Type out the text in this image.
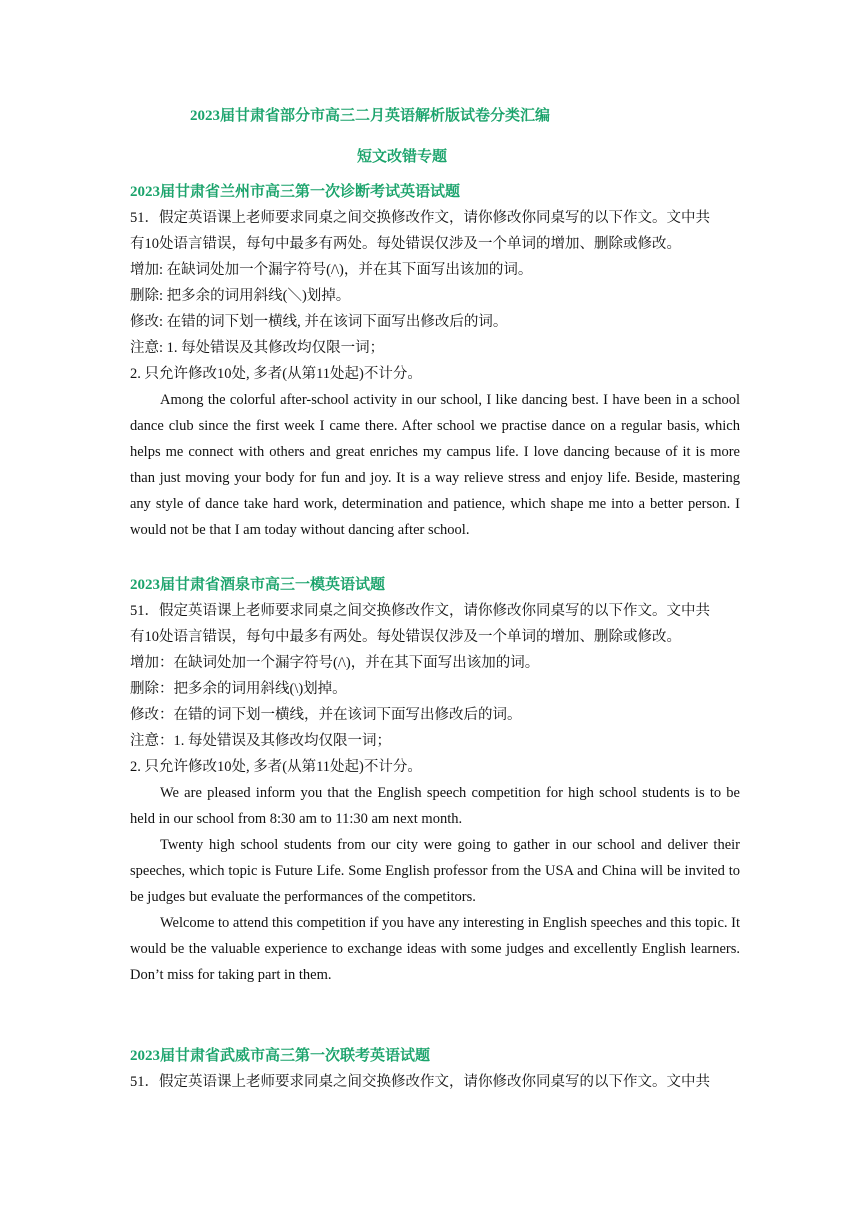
2023届甘肃省部分市高三二月英语解析版试卷分类汇编
短文改错专题
2023届甘肃省兰州市高三第一次诊断考试英语试题
51．假定英语课上老师要求同桌之间交换修改作文，请你修改你同桌写的以下作文。文中共
有10处语言错误，每句中最多有两处。每处错误仅涉及一个单词的增加、删除或修改。
增加: 在缺词处加一个漏字符号(/\)，并在其下面写出该加的词。
删除: 把多余的词用斜线(＼)划掉。
修改: 在错的词下划一横线, 并在该词下面写出修改后的词。
注意: 1. 每处错误及其修改均仅限一词；
2. 只允许修改10处, 多者(从第11处起)不计分。
Among the colorful after-school activity in our school, I like dancing best. I have been in a school dance club since the first week I came there. After school we practise dance on a regular basis, which helps me connect with others and great enriches my campus life. I love dancing because of it is more than just moving your body for fun and joy. It is a way relieve stress and enjoy life. Beside, mastering any style of dance take hard work, determination and patience, which shape me into a better person. I would not be that I am today without dancing after school.
2023届甘肃省酒泉市高三一模英语试题
51．假定英语课上老师要求同桌之间交换修改作文，请你修改你同桌写的以下作文。文中共
有10处语言错误，每句中最多有两处。每处错误仅涉及一个单词的增加、删除或修改。
增加：在缺词处加一个漏字符号(/\)，并在其下面写出该加的词。
删除：把多余的词用斜线(\)划掉。
修改：在错的词下划一横线，并在该词下面写出修改后的词。
注意：1. 每处错误及其修改均仅限一词；
2. 只允许修改10处, 多者(从第11处起)不计分。
We are pleased inform you that the English speech competition for high school students is to be held in our school from 8:30 am to 11:30 am next month.
Twenty high school students from our city were going to gather in our school and deliver their speeches, which topic is Future Life. Some English professor from the USA and China will be invited to be judges but evaluate the performances of the competitors.
Welcome to attend this competition if you have any interesting in English speeches and this topic. It would be the valuable experience to exchange ideas with some judges and excellently English learners. Don’t miss for taking part in them.
2023届甘肃省武威市高三第一次联考英语试题
51．假定英语课上老师要求同桌之间交换修改作文，请你修改你同桌写的以下作文。文中共
